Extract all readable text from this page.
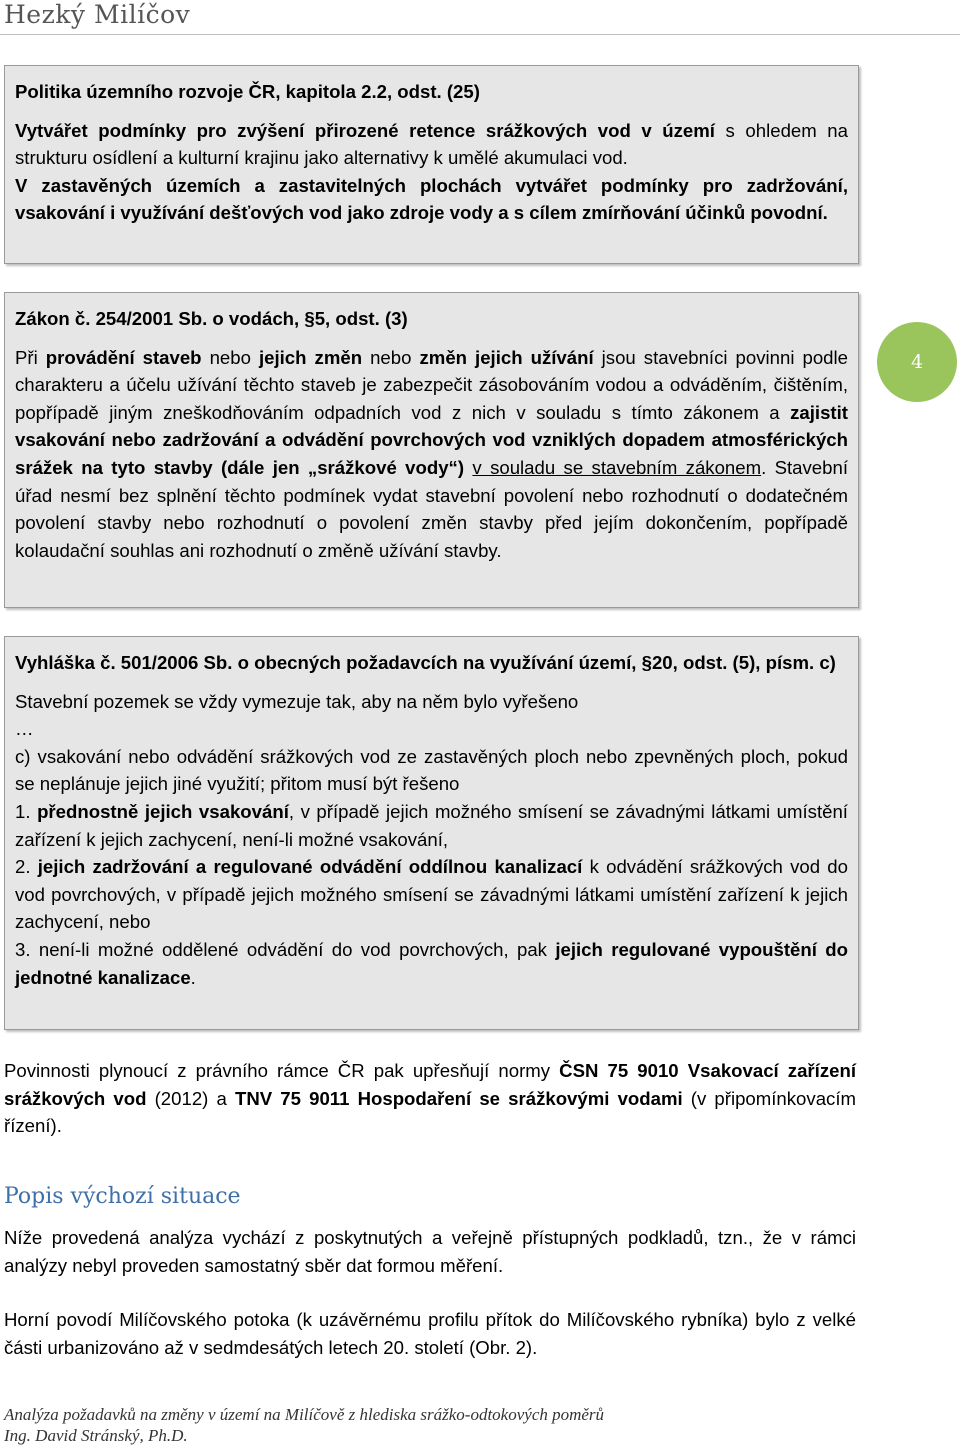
Hezký Milíčov

Politika územního rozvoje ČR, kapitola 2.2, odst. (25)

Vytvářet podmínky pro zvýšení přirozené retence srážkových vod v území s ohledem na strukturu osídlení a kulturní krajinu jako alternativy k umělé akumulaci vod.

V zastavěných územích a zastavitelných plochách vytvářet podmínky pro zadržování, vsakování i využívání dešťových vod jako zdroje vody a s cílem zmírňování účinků povodní.

Zákon č. 254/2001 Sb. o vodách, §5, odst. (3)

Při provádění staveb nebo jejich změn nebo změn jejich užívání jsou stavebníci povinni podle charakteru a účelu užívání těchto staveb je zabezpečit zásobováním vodou a odváděním, čištěním, popřípadě jiným zneškodňováním odpadních vod z nich v souladu s tímto zákonem a zajistit vsakování nebo zadržování a odvádění povrchových vod vzniklých dopadem atmosférických srážek na tyto stavby (dále jen „srážkové vody“) v souladu se stavebním zákonem. Stavební úřad nesmí bez splnění těchto podmínek vydat stavební povolení nebo rozhodnutí o dodatečném povolení stavby nebo rozhodnutí o povolení změn stavby před jejím dokončením, popřípadě kolaudační souhlas ani rozhodnutí o změně užívání stavby.

4

Vyhláška č. 501/2006 Sb. o obecných požadavcích na využívání území, §20, odst. (5), písm. c)

Stavební pozemek se vždy vymezuje tak, aby na něm bylo vyřešeno

…

c) vsakování nebo odvádění srážkových vod ze zastavěných ploch nebo zpevněných ploch, pokud se neplánuje jejich jiné využití; přitom musí být řešeno

1. přednostně jejich vsakování, v případě jejich možného smísení se závadnými látkami umístění zařízení k jejich zachycení, není-li možné vsakování,

2. jejich zadržování a regulované odvádění oddílnou kanalizací k odvádění srážkových vod do vod povrchových, v případě jejich možného smísení se závadnými látkami umístění zařízení k jejich zachycení, nebo

3. není-li možné oddělené odvádění do vod povrchových, pak jejich regulované vypouštění do jednotné kanalizace.

Povinnosti plynoucí z právního rámce ČR pak upřesňují normy ČSN 75 9010 Vsakovací zařízení srážkových vod (2012) a TNV 75 9011 Hospodaření se srážkovými vodami (v připomínkovacím řízení).

Popis výchozí situace

Níže provedená analýza vychází z poskytnutých a veřejně přístupných podkladů, tzn., že v rámci analýzy nebyl proveden samostatný sběr dat formou měření.

Horní povodí Milíčovského potoka (k uzávěrnému profilu přítok do Milíčovského rybníka) bylo z velké části urbanizováno až v sedmdesátých letech 20. století (Obr. 2).

Analýza požadavků na změny v území na Milíčově z hlediska srážko-odtokových poměrů
Ing. David Stránský, Ph.D.
